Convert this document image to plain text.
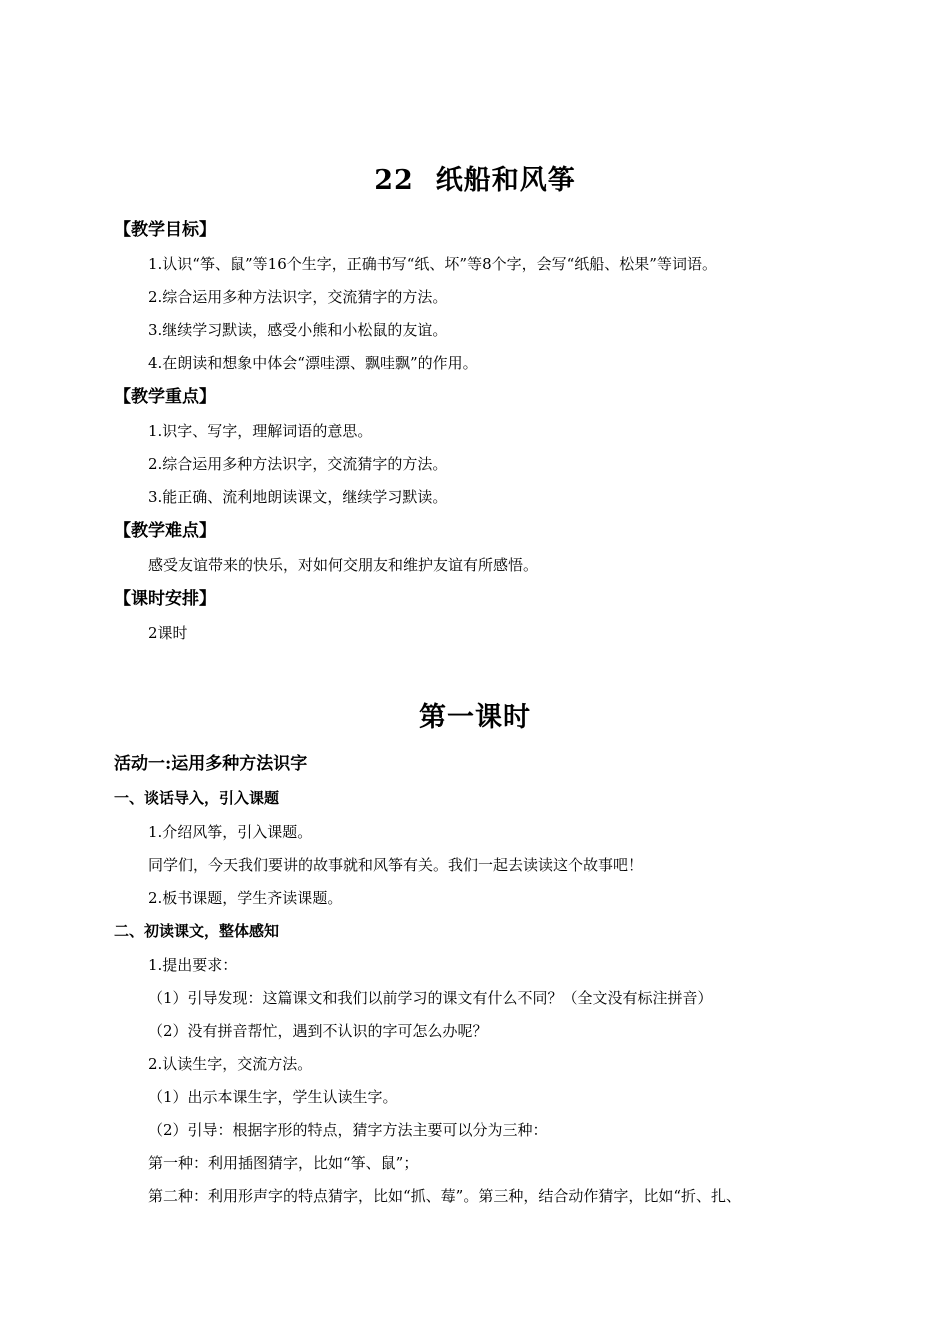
22 纸船和风筝
【教学目标】
1.认识“筝、鼠”等16个生字，正确书写“纸、坏”等8个字，会写“纸船、松果”等词语。
2.综合运用多种方法识字，交流猜字的方法。
3.继续学习默读，感受小熊和小松鼠的友谊。
4.在朗读和想象中体会“漂哇漂、飘哇飘”的作用。
【教学重点】
1.识字、写字，理解词语的意思。
2.综合运用多种方法识字，交流猜字的方法。
3.能正确、流利地朗读课文，继续学习默读。
【教学难点】
感受友谊带来的快乐，对如何交朋友和维护友谊有所感悟。
【课时安排】
2课时
第一课时
活动一:运用多种方法识字
一、谈话导入，引入课题
1.介绍风筝，引入课题。
同学们，今天我们要讲的故事就和风筝有关。我们一起去读读这个故事吧！
2.板书课题，学生齐读课题。
二、初读课文，整体感知
1.提出要求：
（1）引导发现：这篇课文和我们以前学习的课文有什么不同？（全文没有标注拼音）
（2）没有拼音帮忙，遇到不认识的字可怎么办呢？
2.认读生字，交流方法。
（1）出示本课生字，学生认读生字。
（2）引导：根据字形的特点，猜字方法主要可以分为三种：
第一种：利用插图猜字，比如“筝、鼠”；
第二种：利用形声字的特点猜字，比如“抓、莓”。第三种，结合动作猜字，比如“折、扎、
